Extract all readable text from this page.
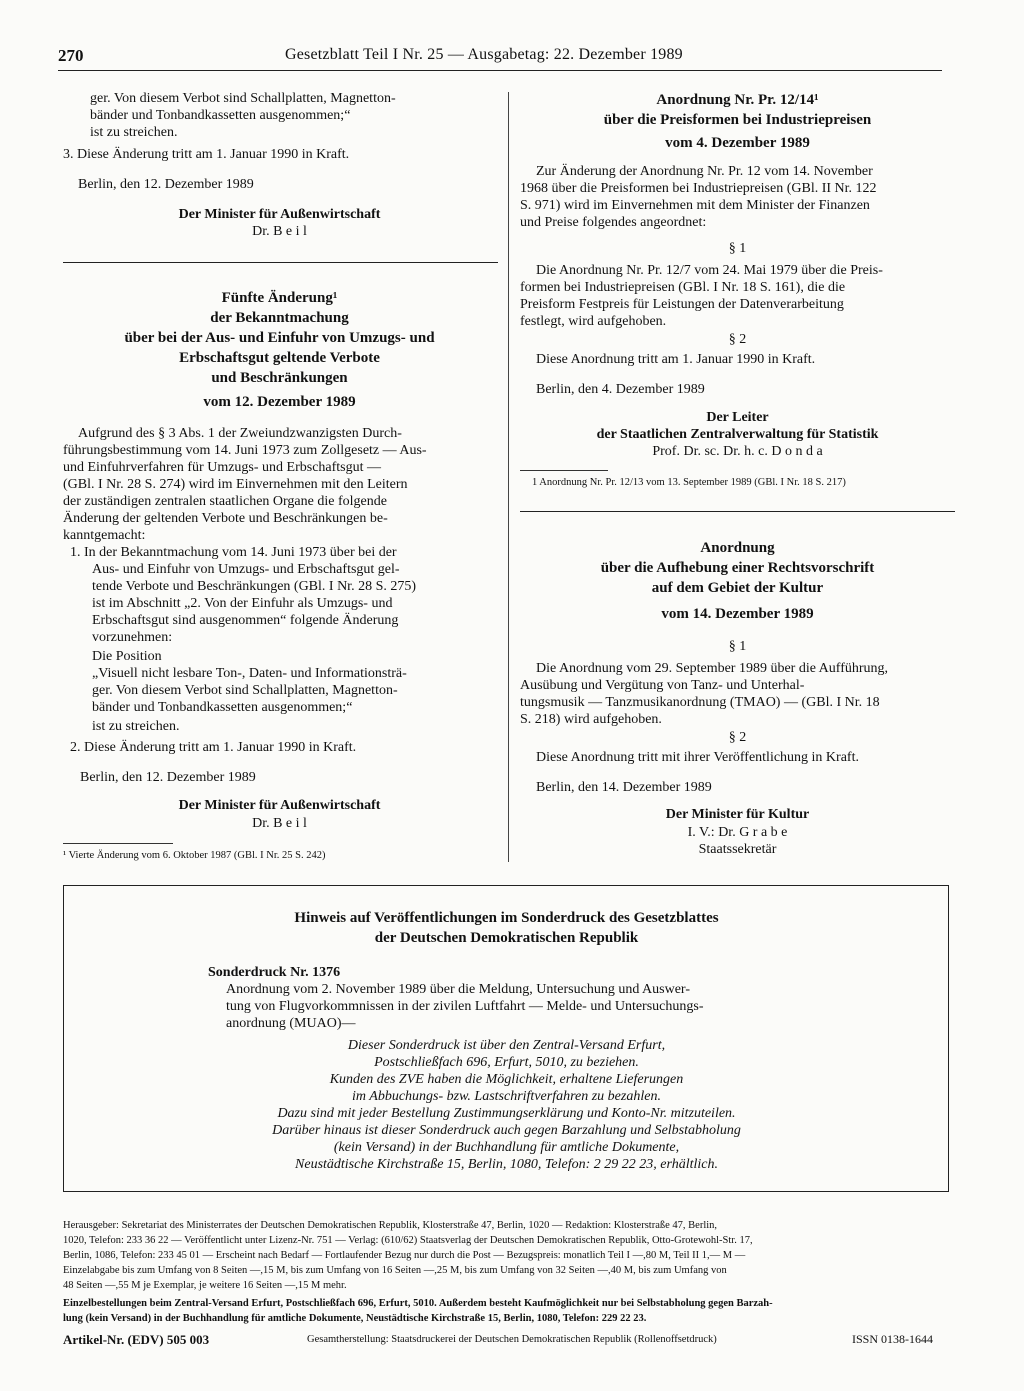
270	Gesetzblatt Teil I Nr. 25 — Ausgabetag: 22. Dezember 1989
ger. Von diesem Verbot sind Schallplatten, Magnetton-
bänder und Tonbandkassetten ausgenommen;“
ist zu streichen.
3. Diese Änderung tritt am 1. Januar 1990 in Kraft.
Berlin, den 12. Dezember 1989
Der Minister für Außenwirtschaft
Dr. B e i l
Fünfte Änderung¹
der Bekanntmachung
über bei der Aus- und Einfuhr von Umzugs- und
Erbschaftsgut geltende Verbote
und Beschränkungen
vom 12. Dezember 1989
Aufgrund des § 3 Abs. 1 der Zweiundzwanzigsten Durch-
führungsbestimmung vom 14. Juni 1973 zum Zollgesetz — Aus-
und Einfuhrverfahren für Umzugs- und Erbschaftsgut —
(GBl. I Nr. 28 S. 274) wird im Einvernehmen mit den Leitern
der zuständigen zentralen staatlichen Organe die folgende
Änderung der geltenden Verbote und Beschränkungen be-
kanntgemacht:
1. In der Bekanntmachung vom 14. Juni 1973 über bei der
Aus- und Einfuhr von Umzugs- und Erbschaftsgut gel-
tende Verbote und Beschränkungen (GBl. I Nr. 28 S. 275)
ist im Abschnitt „2. Von der Einfuhr als Umzugs- und
Erbschaftsgut sind ausgenommen“ folgende Änderung
vorzunehmen:
Die Position
„Visuell nicht lesbare Ton-, Daten- und Informationsträ-
ger. Von diesem Verbot sind Schallplatten, Magnetton-
bänder und Tonbandkassetten ausgenommen;“
ist zu streichen.
2. Diese Änderung tritt am 1. Januar 1990 in Kraft.
Berlin, den 12. Dezember 1989
Der Minister für Außenwirtschaft
Dr. B e i l
¹ Vierte Änderung vom 6. Oktober 1987 (GBl. I Nr. 25 S. 242)
Anordnung Nr. Pr. 12/14¹
über die Preisformen bei Industriepreisen
vom 4. Dezember 1989
Zur Änderung der Anordnung Nr. Pr. 12 vom 14. November
1968 über die Preisformen bei Industriepreisen (GBl. II Nr. 122
S. 971) wird im Einvernehmen mit dem Minister der Finanzen
und Preise folgendes angeordnet:
§ 1
Die Anordnung Nr. Pr. 12/7 vom 24. Mai 1979 über die Preis-
formen bei Industriepreisen (GBl. I Nr. 18 S. 161), die die
Preisform Festpreis für Leistungen der Datenverarbeitung
festlegt, wird aufgehoben.
§ 2
Diese Anordnung tritt am 1. Januar 1990 in Kraft.
Berlin, den 4. Dezember 1989
Der Leiter
der Staatlichen Zentralverwaltung für Statistik
Prof. Dr. sc. Dr. h. c. D o n d a
1 Anordnung Nr. Pr. 12/13 vom 13. September 1989 (GBl. I Nr. 18 S. 217)
Anordnung
über die Aufhebung einer Rechtsvorschrift
auf dem Gebiet der Kultur
vom 14. Dezember 1989
§ 1
Die Anordnung vom 29. September 1989 über die Aufführung,
Ausübung und Vergütung von Tanz- und Unterhal-
tungsmusik — Tanzmusikanordnung (TMAO) — (GBl. I Nr. 18
S. 218) wird aufgehoben.
§ 2
Diese Anordnung tritt mit ihrer Veröffentlichung in Kraft.
Berlin, den 14. Dezember 1989
Der Minister für Kultur
I. V.: Dr. G r a b e
Staatssekretär
Hinweis auf Veröffentlichungen im Sonderdruck des Gesetzblattes
der Deutschen Demokratischen Republik
Sonderdruck Nr. 1376
Anordnung vom 2. November 1989 über die Meldung, Untersuchung und Auswer-
tung von Flugvorkommnissen in der zivilen Luftfahrt — Melde- und Untersuchungs-
anordnung (MUAO)—
Dieser Sonderdruck ist über den Zentral-Versand Erfurt,
Postschließfach 696, Erfurt, 5010, zu beziehen.
Kunden des ZVE haben die Möglichkeit, erhaltene Lieferungen
im Abbuchungs- bzw. Lastschriftverfahren zu bezahlen.
Dazu sind mit jeder Bestellung Zustimmungserklärung und Konto-Nr. mitzuteilen.
Darüber hinaus ist dieser Sonderdruck auch gegen Barzahlung und Selbstabholung
(kein Versand) in der Buchhandlung für amtliche Dokumente,
Neustädtische Kirchstraße 15, Berlin, 1080, Telefon: 2 29 22 23, erhältlich.
Herausgeber: Sekretariat des Ministerrates der Deutschen Demokratischen Republik, Klosterstraße 47, Berlin, 1020 — Redaktion: Klosterstraße 47, Berlin,
1020, Telefon: 233 36 22 — Veröffentlicht unter Lizenz-Nr. 751 — Verlag: (610/62) Staatsverlag der Deutschen Demokratischen Republik, Otto-Grotewohl-Str. 17,
Berlin, 1086, Telefon: 233 45 01 — Erscheint nach Bedarf — Fortlaufender Bezug nur durch die Post — Bezugspreis: monatlich Teil I —,80 M, Teil II 1,— M —
Einzelabgabe bis zum Umfang von 8 Seiten —,15 M, bis zum Umfang von 16 Seiten —,25 M, bis zum Umfang von 32 Seiten —,40 M, bis zum Umfang von
48 Seiten —,55 M je Exemplar, je weitere 16 Seiten —,15 M mehr.
Einzelbestellungen beim Zentral-Versand Erfurt, Postschließfach 696, Erfurt, 5010. Außerdem besteht Kaufmöglichkeit nur bei Selbstabholung gegen Barzah-
lung (kein Versand) in der Buchhandlung für amtliche Dokumente, Neustädtische Kirchstraße 15, Berlin, 1080, Telefon: 229 22 23.
Artikel-Nr. (EDV) 505 003	Gesamtherstellung: Staatsdruckerei der Deutschen Demokratischen Republik (Rollenoffsetdruck)	ISSN 0138-1644
